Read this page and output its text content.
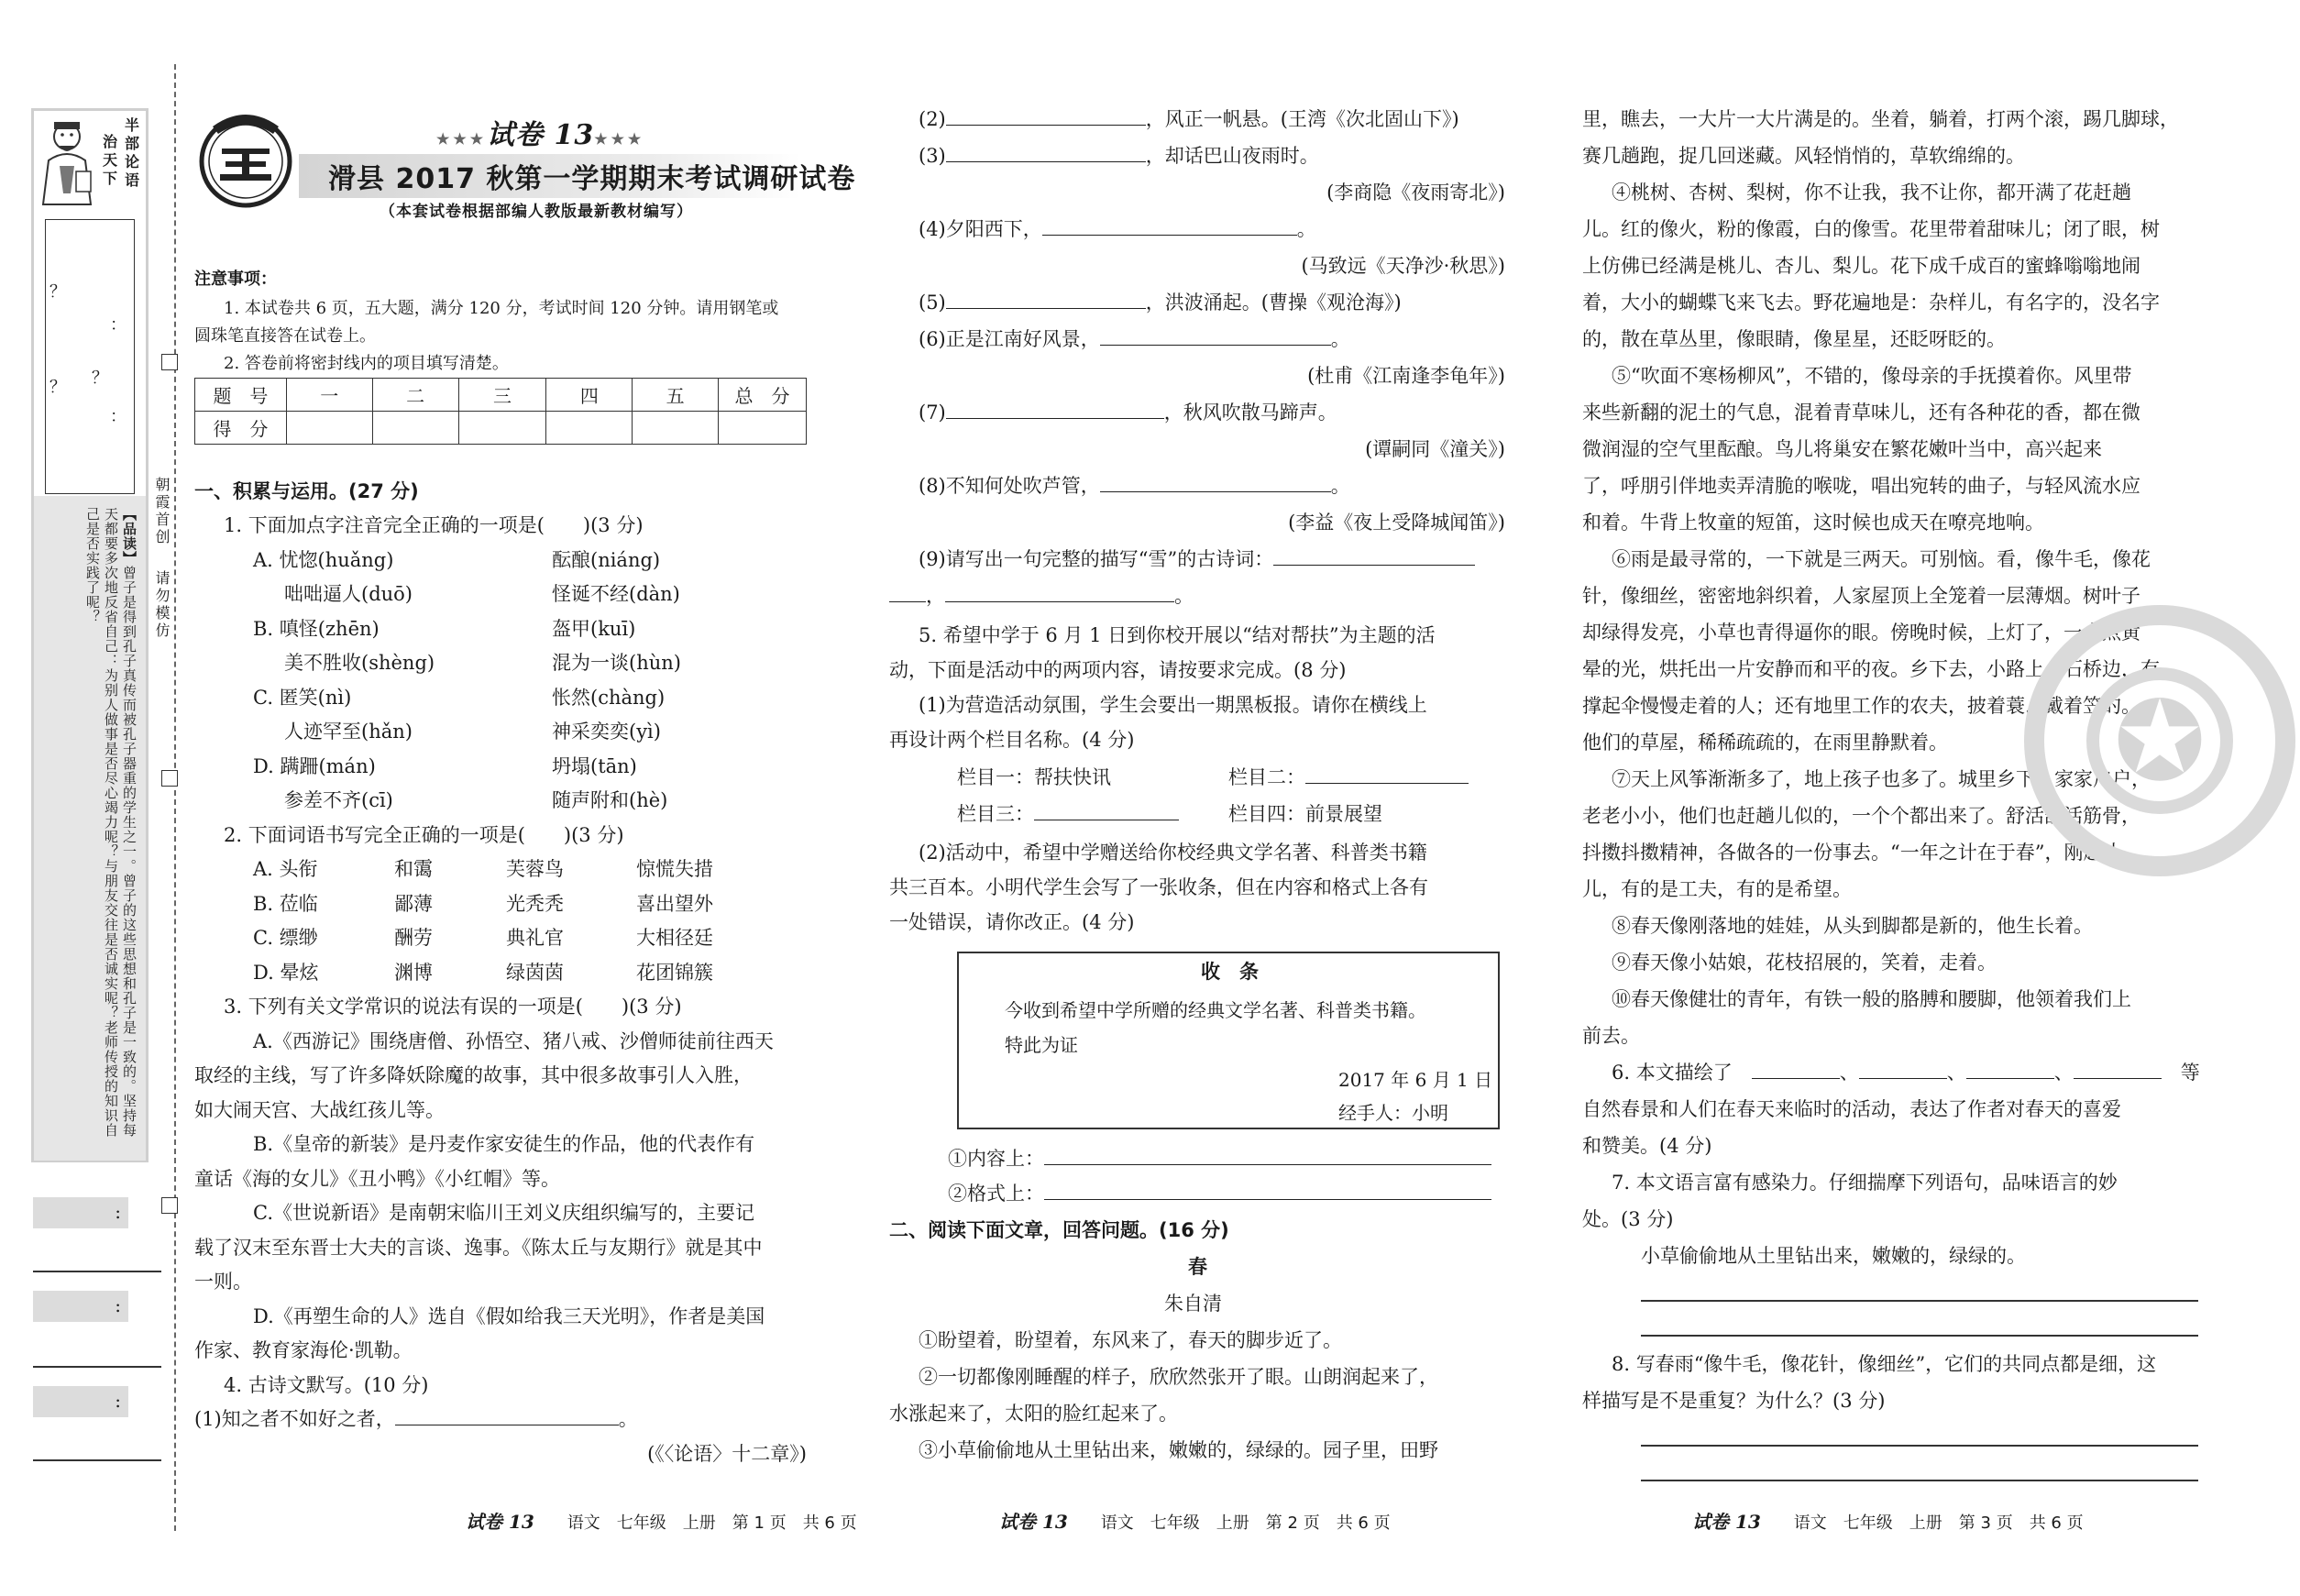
半部论语
治天下
？
：
？
？
：
【品读】曾子是得到孔子真传而被孔子器重的学生之一。曾子的这些思想和孔子是一致的。坚持每天都要多次地反省自己：为别人做事是否尽心竭力呢？与朋友交往是否诚实呢？老师传授的知识自己是否实践了呢？
:
:
:
朝霞首创
请勿模仿
★★★试卷 13★★★
滑县 2017 秋第一学期期末考试调研试卷
（本套试卷根据部编人教版最新教材编写）
注意事项：
1. 本试卷共 6 页，五大题，满分 120 分，考试时间 120 分钟。请用钢笔或
圆珠笔直接答在试卷上。
2. 答卷前将密封线内的项目填写清楚。
一、积累与运用。(27 分)
1. 下面加点字注音完全正确的一项是(　　)(3 分)
A. 忧惚(huǎng)	酝酿(niáng)
咄咄逼人(duō)	怪诞不经(dàn)
B. 嗔怪(zhēn)	盔甲(kuī)
美不胜收(shèng)	混为一谈(hùn)
C. 匿笑(nì)	怅然(chàng)
人迹罕至(hǎn)	神采奕奕(yì)
D. 蹒跚(mán)	坍塌(tān)
参差不齐(cī)	随声附和(hè)
2. 下面词语书写完全正确的一项是(　　)(3 分)
A. 头衔	和霭	芙蓉鸟	惊慌失措
B. 莅临	鄙薄	光秃秃	喜出望外
C. 缥缈	酬劳	典礼官	大相径廷
D. 晕炫	渊博	绿茵茵	花团锦簇
3. 下列有关文学常识的说法有误的一项是(　　)(3 分)
A.《西游记》围绕唐僧、孙悟空、猪八戒、沙僧师徒前往西天
取经的主线，写了许多降妖除魔的故事，其中很多故事引人入胜，
如大闹天宫、大战红孩儿等。
B.《皇帝的新装》是丹麦作家安徒生的作品，他的代表作有
童话《海的女儿》《丑小鸭》《小红帽》等。
C.《世说新语》是南朝宋临川王刘义庆组织编写的，主要记
载了汉末至东晋士大夫的言谈、逸事。《陈太丘与友期行》就是其中
一则。
D.《再塑生命的人》选自《假如给我三天光明》，作者是美国
作家、教育家海伦·凯勒。
4. 古诗文默写。(10 分)
(1)知之者不如好之者，	。
(《〈论语〉十二章》)
题　号	一	二	三	四	五	总　分
得　分						
(2)	，风正一帆悬。(王湾《次北固山下》)
(3)	，却话巴山夜雨时。
(李商隐《夜雨寄北》)
(4)夕阳西下，	。
(马致远《天净沙·秋思》)
(5)	，洪波涌起。(曹操《观沧海》)
(6)正是江南好风景，	。
(杜甫《江南逢李龟年》)
(7)	，秋风吹散马蹄声。
(谭嗣同《潼关》)
(8)不知何处吹芦管，	。
(李益《夜上受降城闻笛》)
(9)请写出一句完整的描写“雪”的古诗词：
，	。
5. 希望中学于 6 月 1 日到你校开展以“结对帮扶”为主题的活
动，下面是活动中的两项内容，请按要求完成。(8 分)
(1)为营造活动氛围，学生会要出一期黑板报。请你在横线上
再设计两个栏目名称。(4 分)
栏目一：帮扶快讯	栏目二：
栏目三：	栏目四：前景展望
(2)活动中，希望中学赠送给你校经典文学名著、科普类书籍
共三百本。小明代学生会写了一张收条，但在内容和格式上各有
一处错误，请你改正。(4 分)
①内容上：
②格式上：
二、阅读下面文章，回答问题。(16 分)
春
朱自清
①盼望着，盼望着，东风来了，春天的脚步近了。
②一切都像刚睡醒的样子，欣欣然张开了眼。山朗润起来了，
水涨起来了，太阳的脸红起来了。
③小草偷偷地从土里钻出来，嫩嫩的，绿绿的。园子里，田野
收　条
今收到希望中学所赠的经典文学名著、科普类书籍。
特此为证
2017 年 6 月 1 日
经手人：小明
里，瞧去，一大片一大片满是的。坐着，躺着，打两个滚，踢几脚球，
赛几趟跑，捉几回迷藏。风轻悄悄的，草软绵绵的。
④桃树、杏树、梨树，你不让我，我不让你，都开满了花赶趟
儿。红的像火，粉的像霞，白的像雪。花里带着甜味儿；闭了眼，树
上仿佛已经满是桃儿、杏儿、梨儿。花下成千成百的蜜蜂嗡嗡地闹
着，大小的蝴蝶飞来飞去。野花遍地是：杂样儿，有名字的，没名字
的，散在草丛里，像眼睛，像星星，还眨呀眨的。
⑤“吹面不寒杨柳风”，不错的，像母亲的手抚摸着你。风里带
来些新翻的泥土的气息，混着青草味儿，还有各种花的香，都在微
微润湿的空气里酝酿。鸟儿将巢安在繁花嫩叶当中，高兴起来
了，呼朋引伴地卖弄清脆的喉咙，唱出宛转的曲子，与轻风流水应
和着。牛背上牧童的短笛，这时候也成天在嘹亮地响。
⑥雨是最寻常的，一下就是三两天。可别恼。看，像牛毛，像花
针，像细丝，密密地斜织着，人家屋顶上全笼着一层薄烟。树叶子
却绿得发亮，小草也青得逼你的眼。傍晚时候，上灯了，一点点黄
晕的光，烘托出一片安静而和平的夜。乡下去，小路上，石桥边，有
撑起伞慢慢走着的人；还有地里工作的农夫，披着蓑，戴着笠的。
他们的草屋，稀稀疏疏的，在雨里静默着。
⑦天上风筝渐渐多了，地上孩子也多了。城里乡下，家家户户，
老老小小，他们也赶趟儿似的，一个个都出来了。舒活舒活筋骨，
抖擞抖擞精神，各做各的一份事去。“一年之计在于春”，刚起头
儿，有的是工夫，有的是希望。
⑧春天像刚落地的娃娃，从头到脚都是新的，他生长着。
⑨春天像小姑娘，花枝招展的，笑着，走着。
⑩春天像健壮的青年，有铁一般的胳膊和腰脚，他领着我们上
前去。
6. 本文描绘了　	、	、	、　	等
自然春景和人们在春天来临时的活动，表达了作者对春天的喜爱
和赞美。(4 分)
7. 本文语言富有感染力。仔细揣摩下列语句，品味语言的妙
处。(3 分)
小草偷偷地从土里钻出来，嫩嫩的，绿绿的。
8. 写春雨“像牛毛，像花针，像细丝”，它们的共同点都是细，这
样描写是不是重复？为什么？(3 分)
✪
试卷 13　　 语文　七年级　上册　第 1 页　共 6 页	试卷 13　　 语文　七年级　上册　第 2 页　共 6 页	试卷 13　　 语文　七年级　上册　第 3 页　共 6 页
